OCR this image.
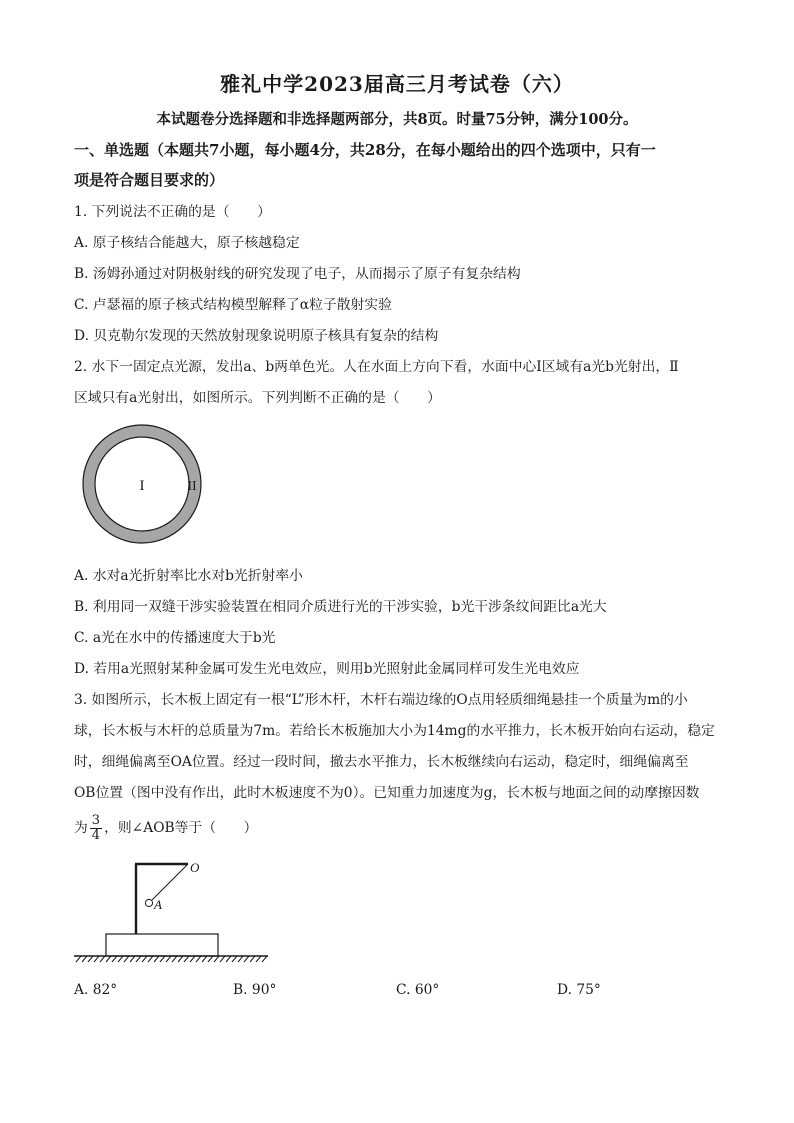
雅礼中学2023届高三月考试卷（六）
本试题卷分选择题和非选择题两部分，共8页。时量75分钟，满分100分。
一、单选题（本题共7小题，每小题4分，共28分，在每小题给出的四个选项中，只有一
项是符合题目要求的）
1. 下列说法不正确的是（　　）
A. 原子核结合能越大，原子核越稳定
B. 汤姆孙通过对阴极射线的研究发现了电子，从而揭示了原子有复杂结构
C. 卢瑟福的原子核式结构模型解释了α粒子散射实验
D. 贝克勒尔发现的天然放射现象说明原子核具有复杂的结构
2. 水下一固定点光源，发出a、b两单色光。人在水面上方向下看，水面中心Ⅰ区域有a光b光射出，Ⅱ
区域只有a光射出，如图所示。下列判断不正确的是（　　）
I	II
A. 水对a光折射率比水对b光折射率小
B. 利用同一双缝干涉实验装置在相同介质进行光的干涉实验，b光干涉条纹间距比a光大
C. a光在水中的传播速度大于b光
D. 若用a光照射某种金属可发生光电效应，则用b光照射此金属同样可发生光电效应
3. 如图所示，长木板上固定有一根“L”形木杆，木杆右端边缘的O点用轻质细绳悬挂一个质量为m的小
球，长木板与木杆的总质量为7m。若给长木板施加大小为14mg的水平推力，长木板开始向右运动，稳定
时，细绳偏离至OA位置。经过一段时间，撤去水平推力，长木板继续向右运动，稳定时，细绳偏离至
OB位置（图中没有作出，此时木板速度不为0）。已知重力加速度为g，长木板与地面之间的动摩擦因数
为 $\frac{3}{4}$ ，则∠AOB等于（　　）
O
A
A. 82°	B. 90°	C. 60°	D. 75°
